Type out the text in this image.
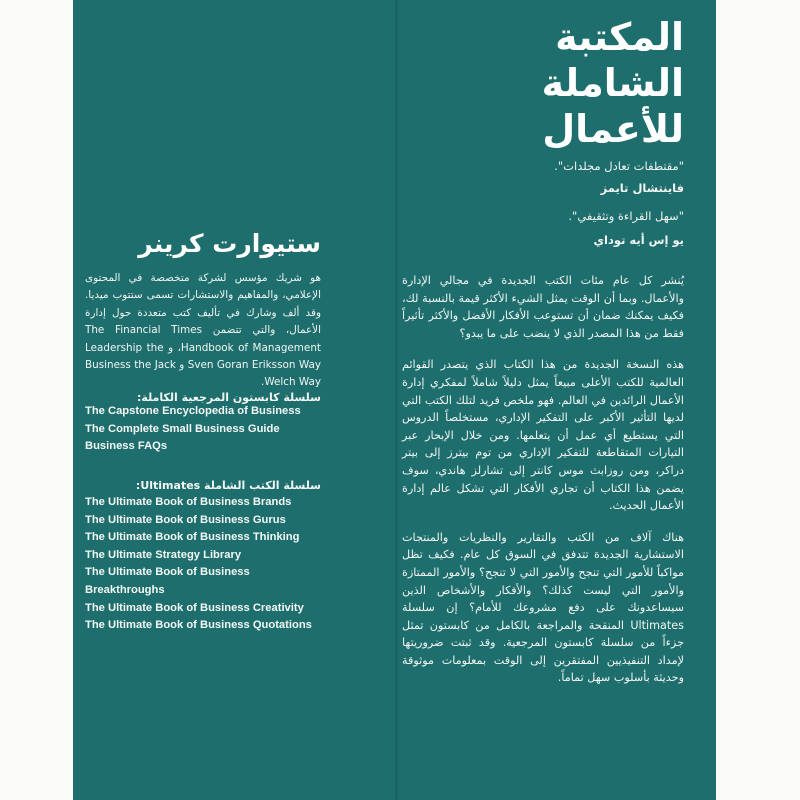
المكتبة
الشاملة
للأعمال
"مقتطفات تعادل مجلدات".
فاينتشال تايمز
"سهل القراءة وتثقيفي".
يو إس أيه توداي

يُنشر كل عام مئات الكتب الجديدة في مجالي الإدارة والأعمال. وبما أن الوقت يمثل الشيء الأكثر قيمة بالنسبة لك، فكيف يمكنك ضمان أن تستوعب الأفكار الأفضل والأكثر تأثيراً فقط من هذا المصدر الذي لا ينضب على ما يبدو؟

هذه النسخة الجديدة من هذا الكتاب الذي يتصدر القوائم العالمية للكتب الأعلى مبيعاً يمثل دليلاً شاملاً لمفكري إدارة الأعمال الرائدين في العالم. فهو ملخص فريد لتلك الكتب التي لديها التأثير الأكبر على التفكير الإداري، مستخلصاً الدروس التي يستطيع أي عمل أن يتعلمها. ومن خلال الإبحار عبر التيارات المتقاطعة للتفكير الإداري من توم بيترز إلى بيتر دراكر، ومن روزابث موس كانتر إلى تشارلز هاندي، سوف يضمن هذا الكتاب أن تجاري الأفكار التي تشكل عالم إدارة الأعمال الحديث.

هناك آلاف من الكتب والتقارير والنظريات والمنتجات الاستشارية الجديدة تتدفق في السوق كل عام. فكيف تظل مواكباً للأمور التي تنجح والأمور التي لا تنجح؟ والأمور الممتازة والأمور التي ليست كذلك؟ والأفكار والأشخاص الذين سيساعدونك على دفع مشروعك للأمام؟ إن سلسلة Ultimates المنقحة والمراجعة بالكامل من كابستون تمثل جزءاً من سلسلة كابستون المرجعية. وقد ثبتت ضروريتها لإمداد التنفيذيين المفتقرين إلى الوقت بمعلومات موثوقة وحديثة بأسلوب سهل تماماً.

ستيوارت كرينر
هو شريك مؤسس لشركة متخصصة في المحتوى الإعلامي، والمفاهيم والاستشارات تسمى ستتوب ميديا. وقد ألف وشارك في تأليف كتب متعددة حول إدارة الأعمال، والتي تتضمن The Financial Times Handbook of Management، و Leadership the Sven Goran Eriksson Way و Business the Jack Welch Way.
سلسلة كابستون المرجعية الكاملة:
The Capstone Encyclopedia of Business
The Complete Small Business Guide
Business FAQs
سلسلة الكتب الشاملة Ultimates:
The Ultimate Book of Business Brands
The Ultimate Book of Business Gurus
The Ultimate Book of Business Thinking
The Ultimate Strategy Library
The Ultimate Book of Business Breakthroughs
The Ultimate Book of Business Creativity
The Ultimate Book of Business Quotations
